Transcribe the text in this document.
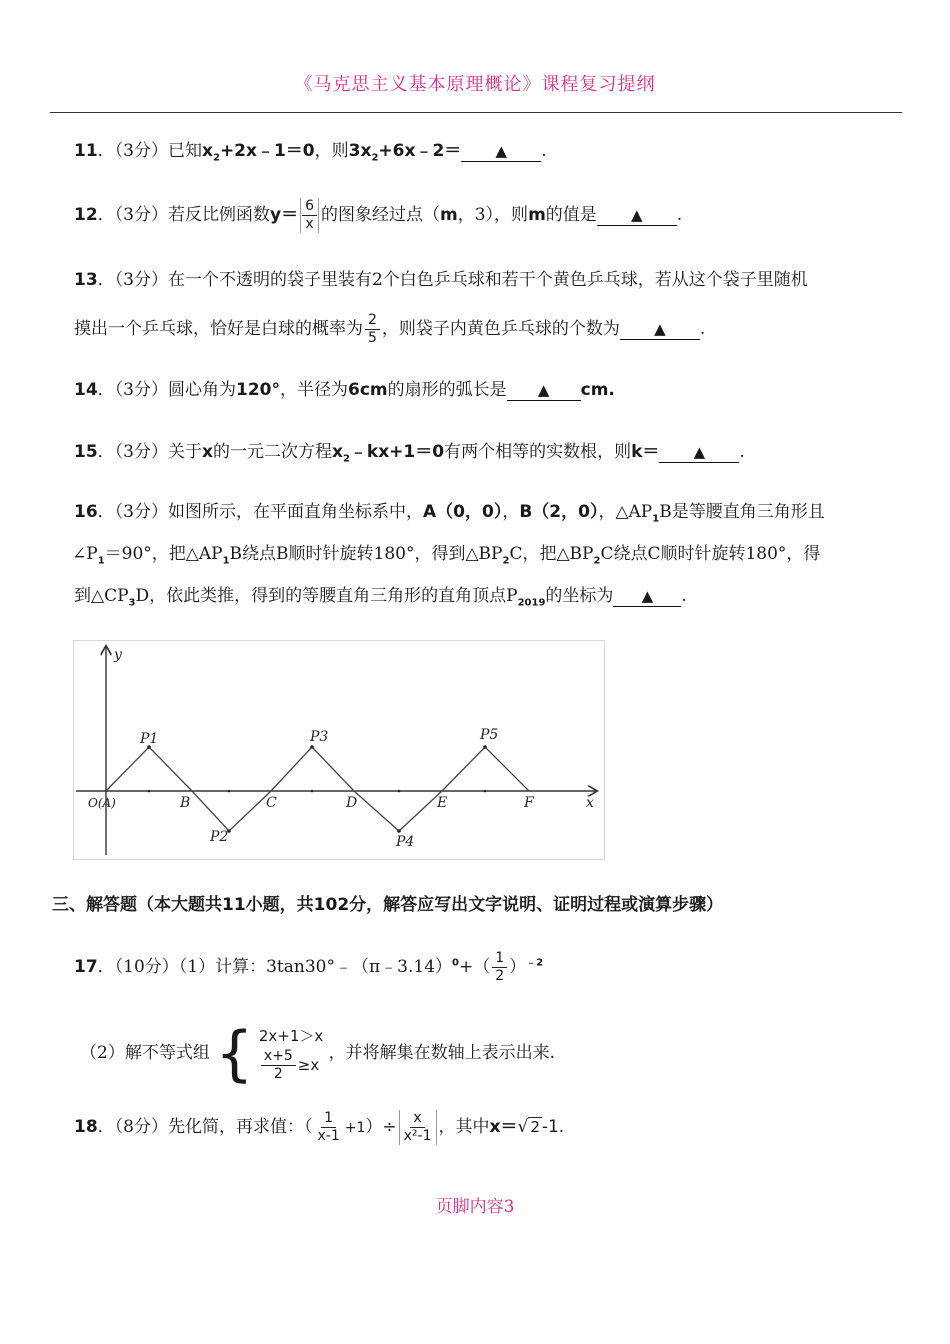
《马克思主义基本原理概论》课程复习提纲
11．（3分）已知$x_2+2x﹣1=0$，则$3x_2+6x﹣2=$ ▲ .
12．（3分）若反比例函数$y= \frac{6}{x}$ 的图象经过点（m，3），则m的值是 ▲ .
13．（3分）在一个不透明的袋子里装有2个白色乒乓球和若干个黄色乒乓球，若从这个袋子里随机
摸出一个乒乓球，恰好是白球的概率为 $\frac{2}{5}$ ，则袋子内黄色乒乓球的个数为 ▲ .
14．（3分）圆心角为120°，半径为6cm的扇形的弧长是 ▲ cm.
15．（3分）关于x的一元二次方程$x_2﹣kx+1=0$有两个相等的实数根，则k＝ ▲ .
16．（3分）如图所示，在平面直角坐标系中，A（0，0），B（2，0），$\triangle AP_1B$是等腰直角三角形且
$\angle P_1=90^\circ$，把$\triangle AP_1B$绕点B顺时针旋转180°，得到$\triangle BP_2C$，把$\triangle BP_2C$绕点C顺时针旋转180°，得
到$\triangle CP_3D$，依此类推，得到的等腰直角三角形的直角顶点$P_{2019}$的坐标为 ▲ .
y
x
O(A)
P1
B
P2
C
P3
D
P4
E
P5
F
三、解答题（本大题共11小题，共102分，解答应写出文字说明、证明过程或演算步骤）
17．（10分）（1）计算：3tan30°﹣（π﹣3.14）$^0$+（ $\frac{1}{2} )^{﹣2}$
（2）解不等式组 { 2x+1＞x
$\frac{x+5}{2} \ge x$
，并将解集在数轴上表示出来.
18．（8分）先化简，再求值：（ $\frac{1}{x-1} +1)\div \frac{x}{\text{x²-1}}$ ，其中x＝√ 2 -1.
页脚内容3
